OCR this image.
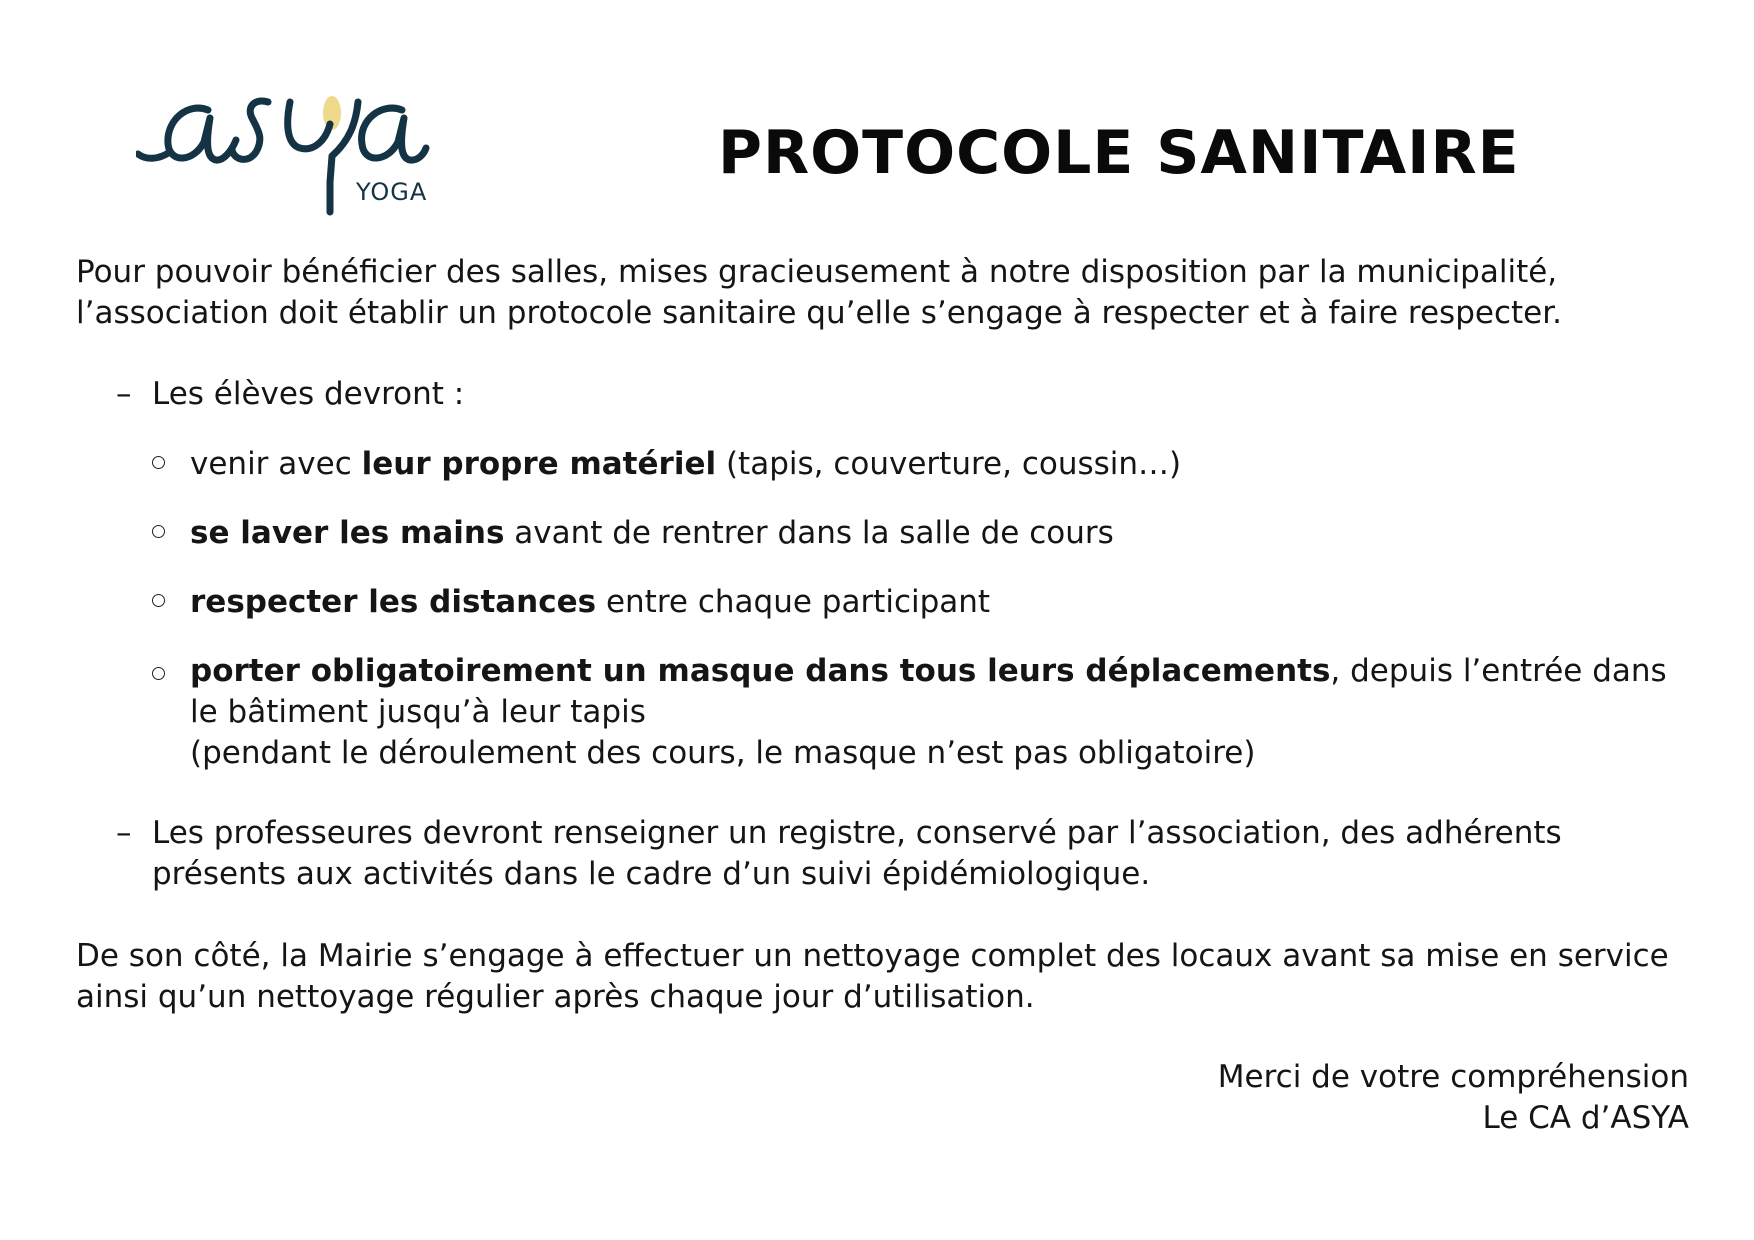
YOGA
PROTOCOLE SANITAIRE

Pour pouvoir bénéficier des salles, mises gracieusement à notre disposition par la municipalité, l’association doit établir un protocole sanitaire qu’elle s’engage à respecter et à faire respecter.

– Les élèves devront :
venir avec leur propre matériel (tapis, couverture, coussin…)
se laver les mains avant de rentrer dans la salle de cours
respecter les distances entre chaque participant
porter obligatoirement un masque dans tous leurs déplacements, depuis l’entrée dans le bâtiment jusqu’à leur tapis
(pendant le déroulement des cours, le masque n’est pas obligatoire)
– Les professeures devront renseigner un registre, conservé par l’association, des adhérents présents aux activités dans le cadre d’un suivi épidémiologique.

De son côté, la Mairie s’engage à effectuer un nettoyage complet des locaux avant sa mise en service ainsi qu’un nettoyage régulier après chaque jour d’utilisation.

Merci de votre compréhension
Le CA d’ASYA
